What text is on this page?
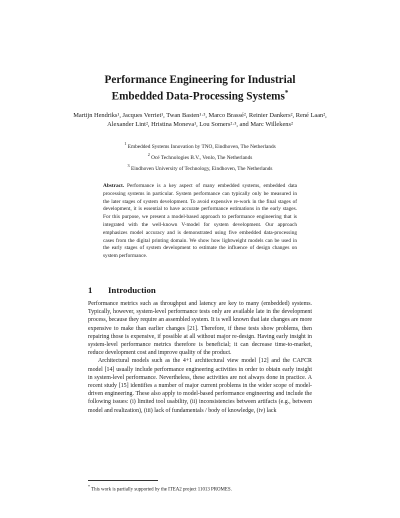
Performance Engineering for Industrial
Embedded Data-Processing Systems*
Martijn Hendriks¹, Jacques Verriet¹, Twan Basten¹·³, Marco Brassé², Reinier Dankers², René Laan², Alexander Lint², Hristina Moneva¹, Lou Somers²·³, and Marc Willekens²
$^1$ Embedded Systems Innovation by TNO, Eindhoven, The Netherlands
$^2$ Océ Technologies B.V., Venlo, The Netherlands
$^3$ Eindhoven University of Technology, Eindhoven, The Netherlands
Abstract. Performance is a key aspect of many embedded systems, embedded data processing systems in particular. System performance can typically only be measured in the later stages of system development. To avoid expensive re-work in the final stages of development, it is essential to have accurate performance estimations in the early stages. For this purpose, we present a model-based approach to performance engineering that is integrated with the well-known V-model for system development. Our approach emphasizes model accuracy and is demonstrated using five embedded data-processing cases from the digital printing domain. We show how lightweight models can be used in the early stages of system development to estimate the influence of design changes on system performance.
1 Introduction

Performance metrics such as throughput and latency are key to many (embedded) systems. Typically, however, system-level performance tests only are available late in the development process, because they require an assembled system. It is well known that late changes are more expensive to make than earlier changes [21]. Therefore, if these tests show problems, then repairing those is expensive, if possible at all without major re-design. Having early insight in system-level performance metrics therefore is beneficial; it can decrease time-to-market, reduce development cost and improve quality of the product.

Architectural models such as the 4+1 architectural view model [12] and the CAFCR model [14] usually include performance engineering activities in order to obtain early insight in system-level performance. Nevertheless, these activities are not always done in practice. A recent study [15] identifies a number of major current problems in the wider scope of model-driven engineering. These also apply to model-based performance engineering and include the following issues: (i) limited tool usability, (ii) inconsistencies between artifacts (e.g., between model and realization), (iii) lack of fundamentals / body of knowledge, (iv) lack

* This work is partially supported by the ITEA2 project 11013 PROMES.
